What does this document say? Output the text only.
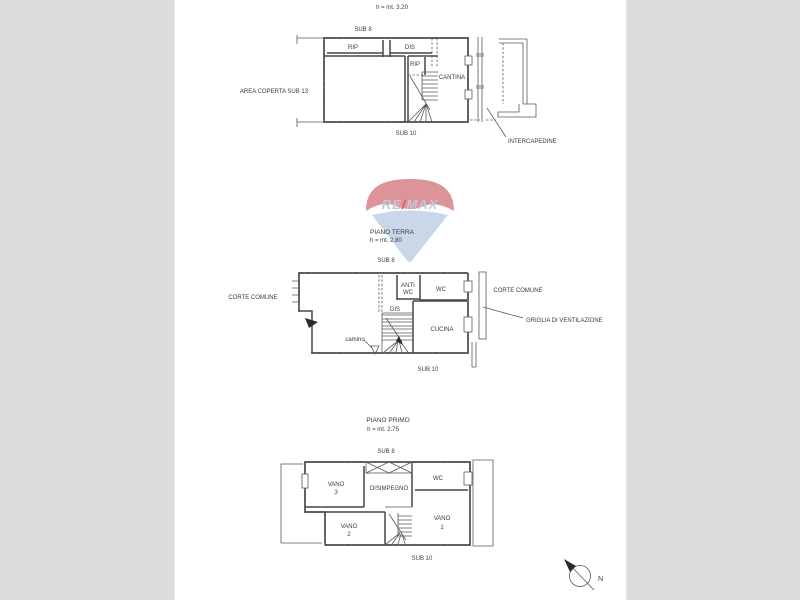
h = mt. 3.20
SUB 8
AREA COPERTA SUB 13
RIP	DIS
RIP
CANTINA
SUB 10
INTERCAPEDINE
RE/MAX
PIANO TERRA
h = mt. 2.80
SUB 8
CORTE COMUNE
ANTI
WC	WC
DIS
CUCINA
camino
SUB 10
CORTE COMUNE
GRIGLIA DI VENTILAZIONE
PIANO PRIMO
h = mt. 2.75
SUB 8
VANO
3
DISIMPEGNO
WC
VANO
1
VANO
2
SUB 10
N
